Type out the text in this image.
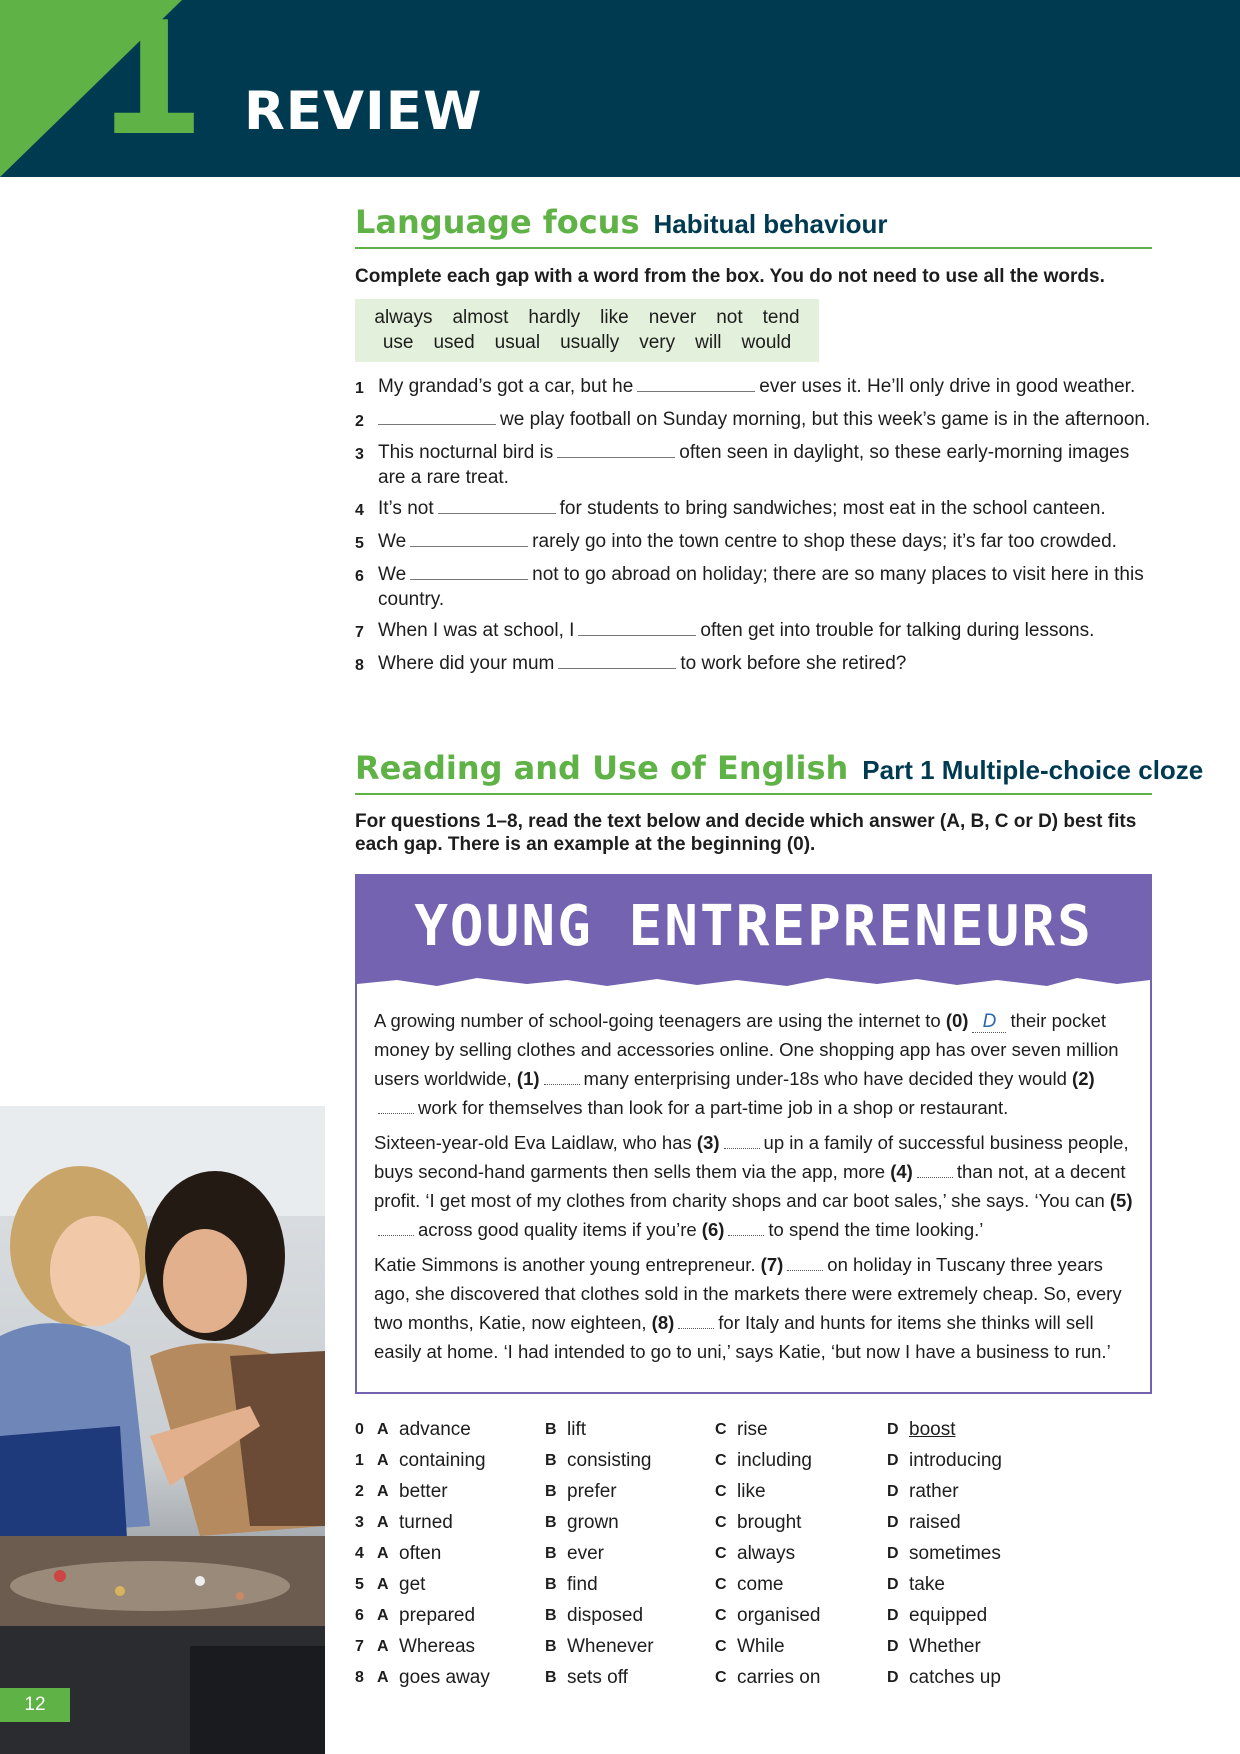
1 REVIEW
Language focus Habitual behaviour
Complete each gap with a word from the box. You do not need to use all the words.
always almost hardly like never not tend
use used usual usually very will would
1 My grandad’s got a car, but he	ever uses it. He’ll only drive in good weather.
2	we play football on Sunday morning, but this week’s game is in the afternoon.
3 This nocturnal bird is	often seen in daylight, so these early-morning images are a rare treat.
4 It’s not	for students to bring sandwiches; most eat in the school canteen.
5 We	rarely go into the town centre to shop these days; it’s far too crowded.
6 We	not to go abroad on holiday; there are so many places to visit here in this country.
7 When I was at school, I	often get into trouble for talking during lessons.
8 Where did your mum	to work before she retired?
Reading and Use of English Part 1 Multiple-choice cloze
For questions 1–8, read the text below and decide which answer (A, B, C or D) best fits each gap. There is an example at the beginning (0).
YOUNG ENTREPRENEURS

A growing number of school-going teenagers are using the internet to (0) D their pocket money by selling clothes and accessories online. One shopping app has over seven million users worldwide, (1) many enterprising under-18s who have decided they would (2)work for themselves than look for a part-time job in a shop or restaurant.

Sixteen-year-old Eva Laidlaw, who has (3) up in a family of successful business people, buys second-hand garments then sells them via the app, more (4) than not, at a decent profit. ‘I get most of my clothes from charity shops and car boot sales,’ she says. ‘You can (5)across good quality items if you’re (6) to spend the time looking.’

Katie Simmons is another young entrepreneur. (7) on holiday in Tuscany three years ago, she discovered that clothes sold in the markets there were extremely cheap. So, every two months, Katie, now eighteen, (8) for Italy and hunts for items she thinks will sell easily at home. ‘I had intended to go to uni,’ says Katie, ‘but now I have a business to run.’

0 A advance	B lift	C rise	D boost
1 A containing	B consisting	C including	D introducing
2 A better	B prefer	C like	D rather
3 A turned	B grown	C brought	D raised
4 A often	B ever	C always	D sometimes
5 A get	B find	C come	D take
6 A prepared	B disposed	C organised	D equipped
7 A Whereas	B Whenever	C While	D Whether
8 A goes away	B sets off	C carries on	D catches up
12
